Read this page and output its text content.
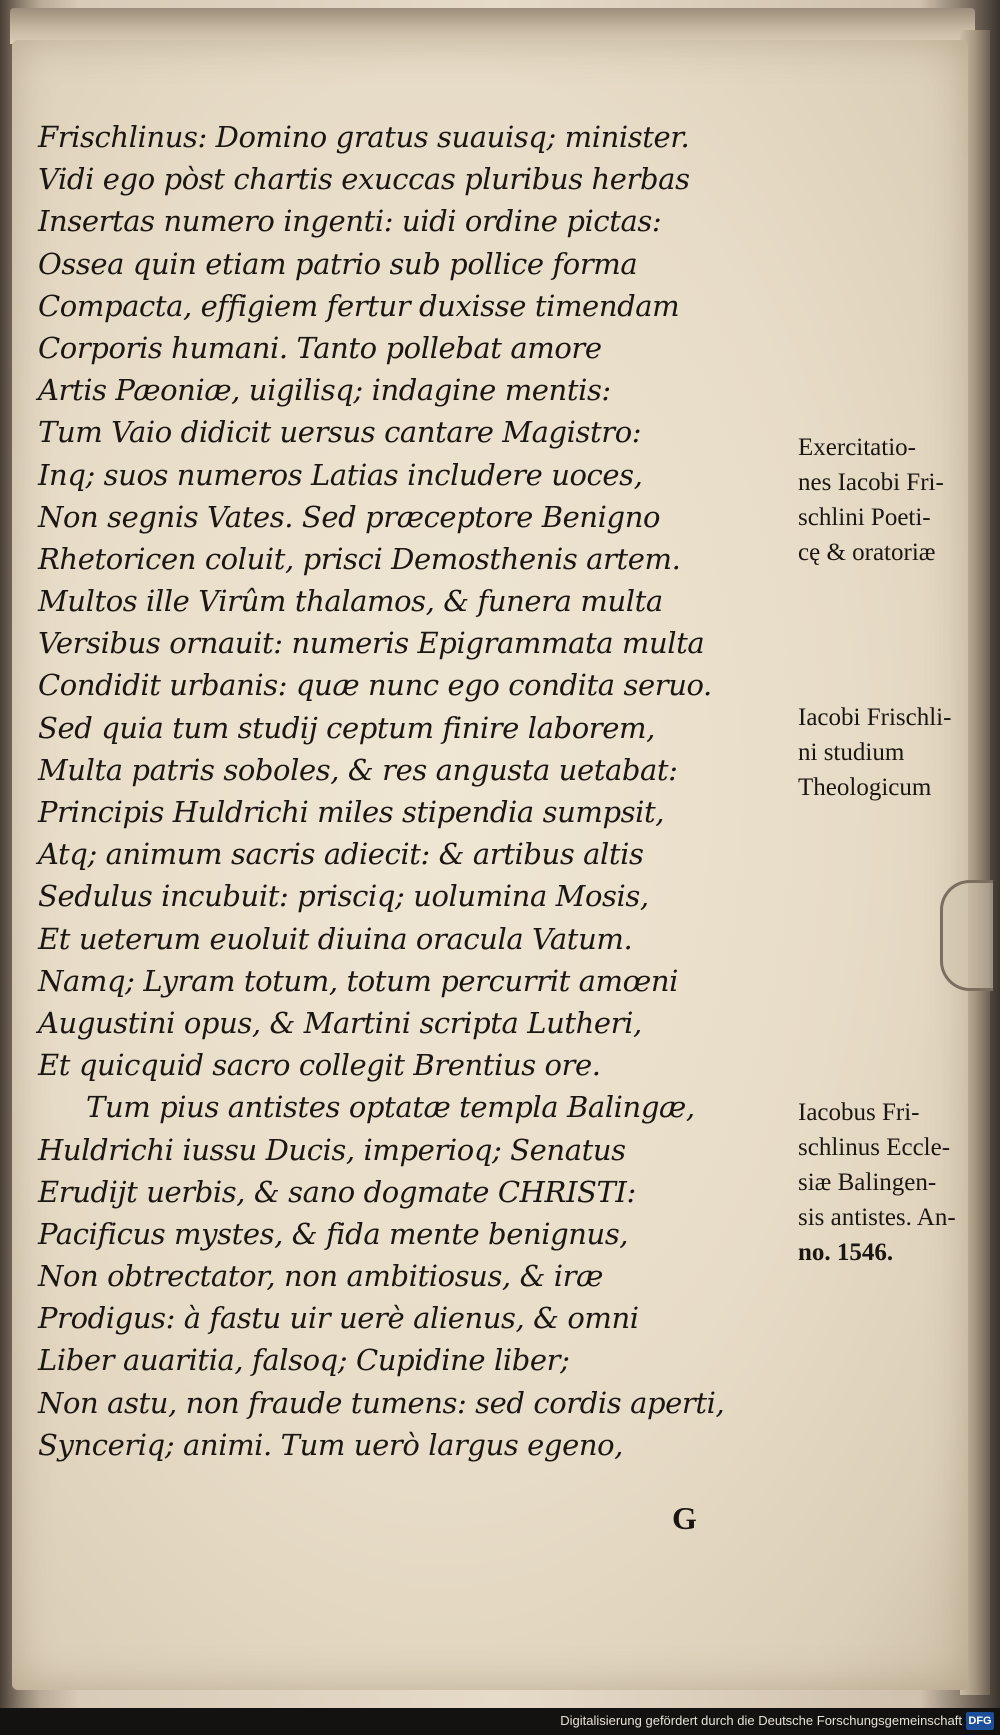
Frischlinus: Domino gratus suauisq; minister.
Vidi ego pòst chartis exuccas pluribus herbas
Insertas numero ingenti: uidi ordine pictas:
Ossea quin etiam patrio sub pollice forma
Compacta, effigiem fertur duxisse timendam
Corporis humani. Tanto pollebat amore
Artis Pæoniæ, uigilisq; indagine mentis:
Tum Vaio didicit uersus cantare Magistro:
Inq; suos numeros Latias includere uoces,
Non segnis Vates. Sed præceptore Benigno
Rhetoricen coluit, prisci Demosthenis artem.
Multos ille Virûm thalamos, & funera multa
Versibus ornauit: numeris Epigrammata multa
Condidit urbanis: quæ nunc ego condita seruo.
Sed quia tum studij ceptum finire laborem,
Multa patris soboles, & res angusta uetabat:
Principis Huldrichi miles stipendia sumpsit,
Atq; animum sacris adiecit: & artibus altis
Sedulus incubuit: prisciq; uolumina Mosis,
Et ueterum euoluit diuina oracula Vatum.
Namq; Lyram totum, totum percurrit amœni
Augustini opus, & Martini scripta Lutheri,
Et quicquid sacro collegit Brentius ore.
Tum pius antistes optatæ templa Balingæ,
Huldrichi iussu Ducis, imperioq; Senatus
Erudijt uerbis, & sano dogmate CHRISTI:
Pacificus mystes, & fida mente benignus,
Non obtrectator, non ambitiosus, & iræ
Prodigus: à fastu uir uerè alienus, & omni
Liber auaritia, falsoq; Cupidine liber;
Non astu, non fraude tumens: sed cordis aperti,
Synceriq; animi. Tum uerò largus egeno,
Exercitatio-
nes Iacobi Fri-
schlini Poeti-
cę & oratoriæ
Iacobi Frischli-
ni studium
Theologicum
Iacobus Fri-
schlinus Eccle-
siæ Balingen-
sis antistes. An-
no. 1546.
G
Digitalisierung gefördert durch die Deutsche Forschungsgemeinschaft DFG
